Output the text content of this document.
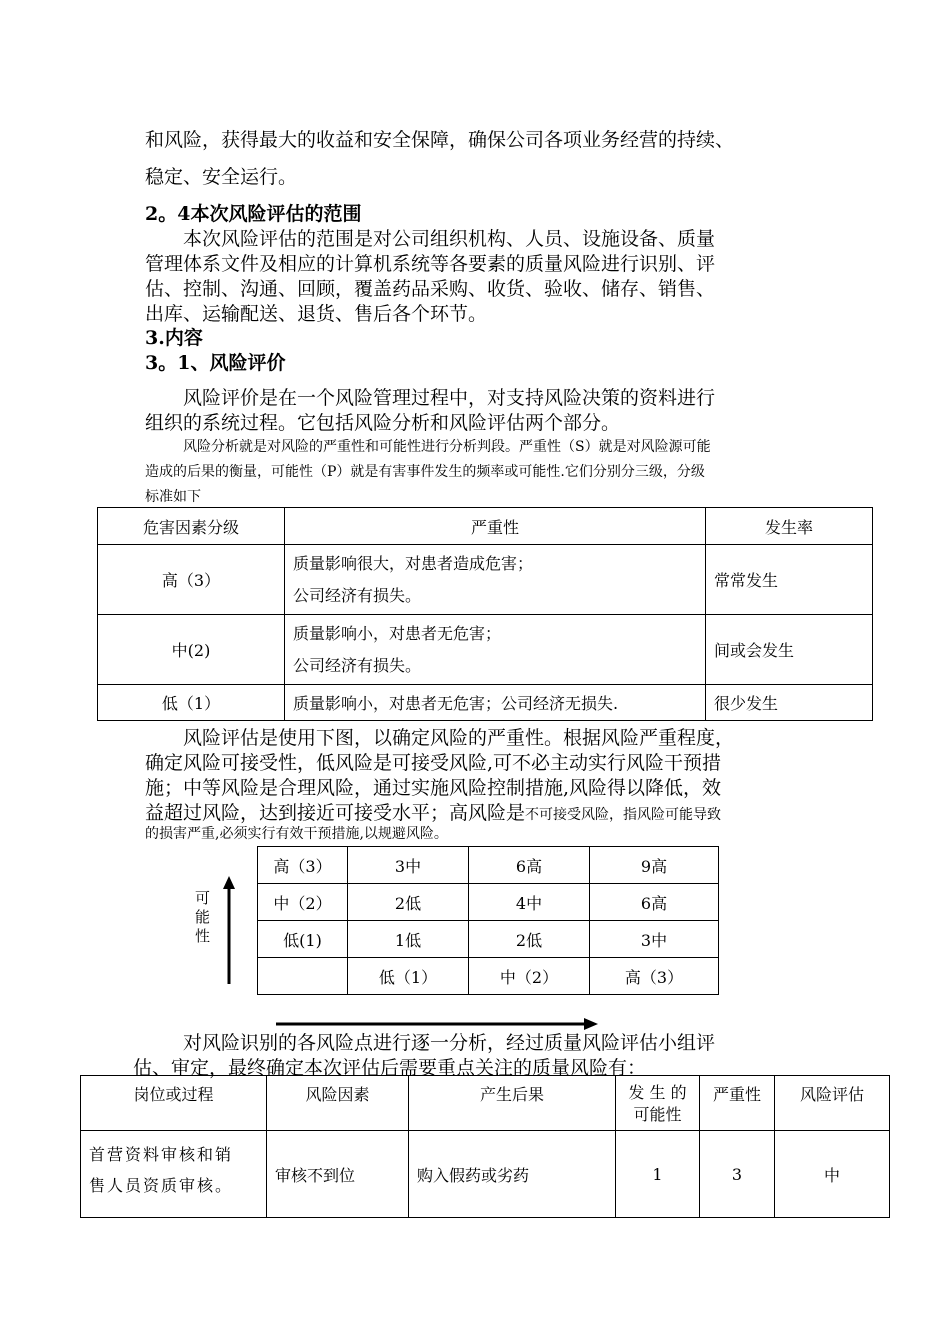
和风险，获得最大的收益和安全保障，确保公司各项业务经营的持续、
稳定、安全运行。
2。4本次风险评估的范围
本次风险评估的范围是对公司组织机构、人员、设施设备、质量
管理体系文件及相应的计算机系统等各要素的质量风险进行识别、评
估、控制、沟通、回顾，覆盖药品采购、收货、验收、储存、销售、
出库、运输配送、退货、售后各个环节。
3.内容
3。1、风险评价
风险评价是在一个风险管理过程中，对支持风险决策的资料进行
组织的系统过程。它包括风险分析和风险评估两个部分。
风险分析就是对风险的严重性和可能性进行分析判段。严重性（S）就是对风险源可能
造成的后果的衡量，可能性（P）就是有害事件发生的频率或可能性.它们分别分三级，分级
标准如下
危害因素分级	严重性	发生率
高（3）	质量影响很大，对患者造成危害；
公司经济有损失。	常常发生
中(2)	质量影响小，对患者无危害；
公司经济有损失。	间或会发生
低（1）	质量影响小，对患者无危害；公司经济无损失.	很少发生
风险评估是使用下图，以确定风险的严重性。根据风险严重程度，
确定风险可接受性，低风险是可接受风险,可不必主动实行风险干预措
施；中等风险是合理风险，通过实施风险控制措施,风险得以降低，效
益超过风险，达到接近可接受水平；高风险是不可接受风险，指风险可能导致
的损害严重,必须实行有效干预措施,以规避风险。
可
能
性
高（3）	3中	6高	9高
中（2）	2低	4中	6高
低(1)	1低	2低	3中
	低（1）	中（2）	高（3）
对风险识别的各风险点进行逐一分析，经过质量风险评估小组评
估、审定，最终确定本次评估后需要重点关注的质量风险有：
岗位或过程	风险因素	产生后果	发 生 的
可能性	严重性	风险评估
首营资料审核和销
售人员资质审核。	审核不到位	购入假药或劣药	1	3	中
